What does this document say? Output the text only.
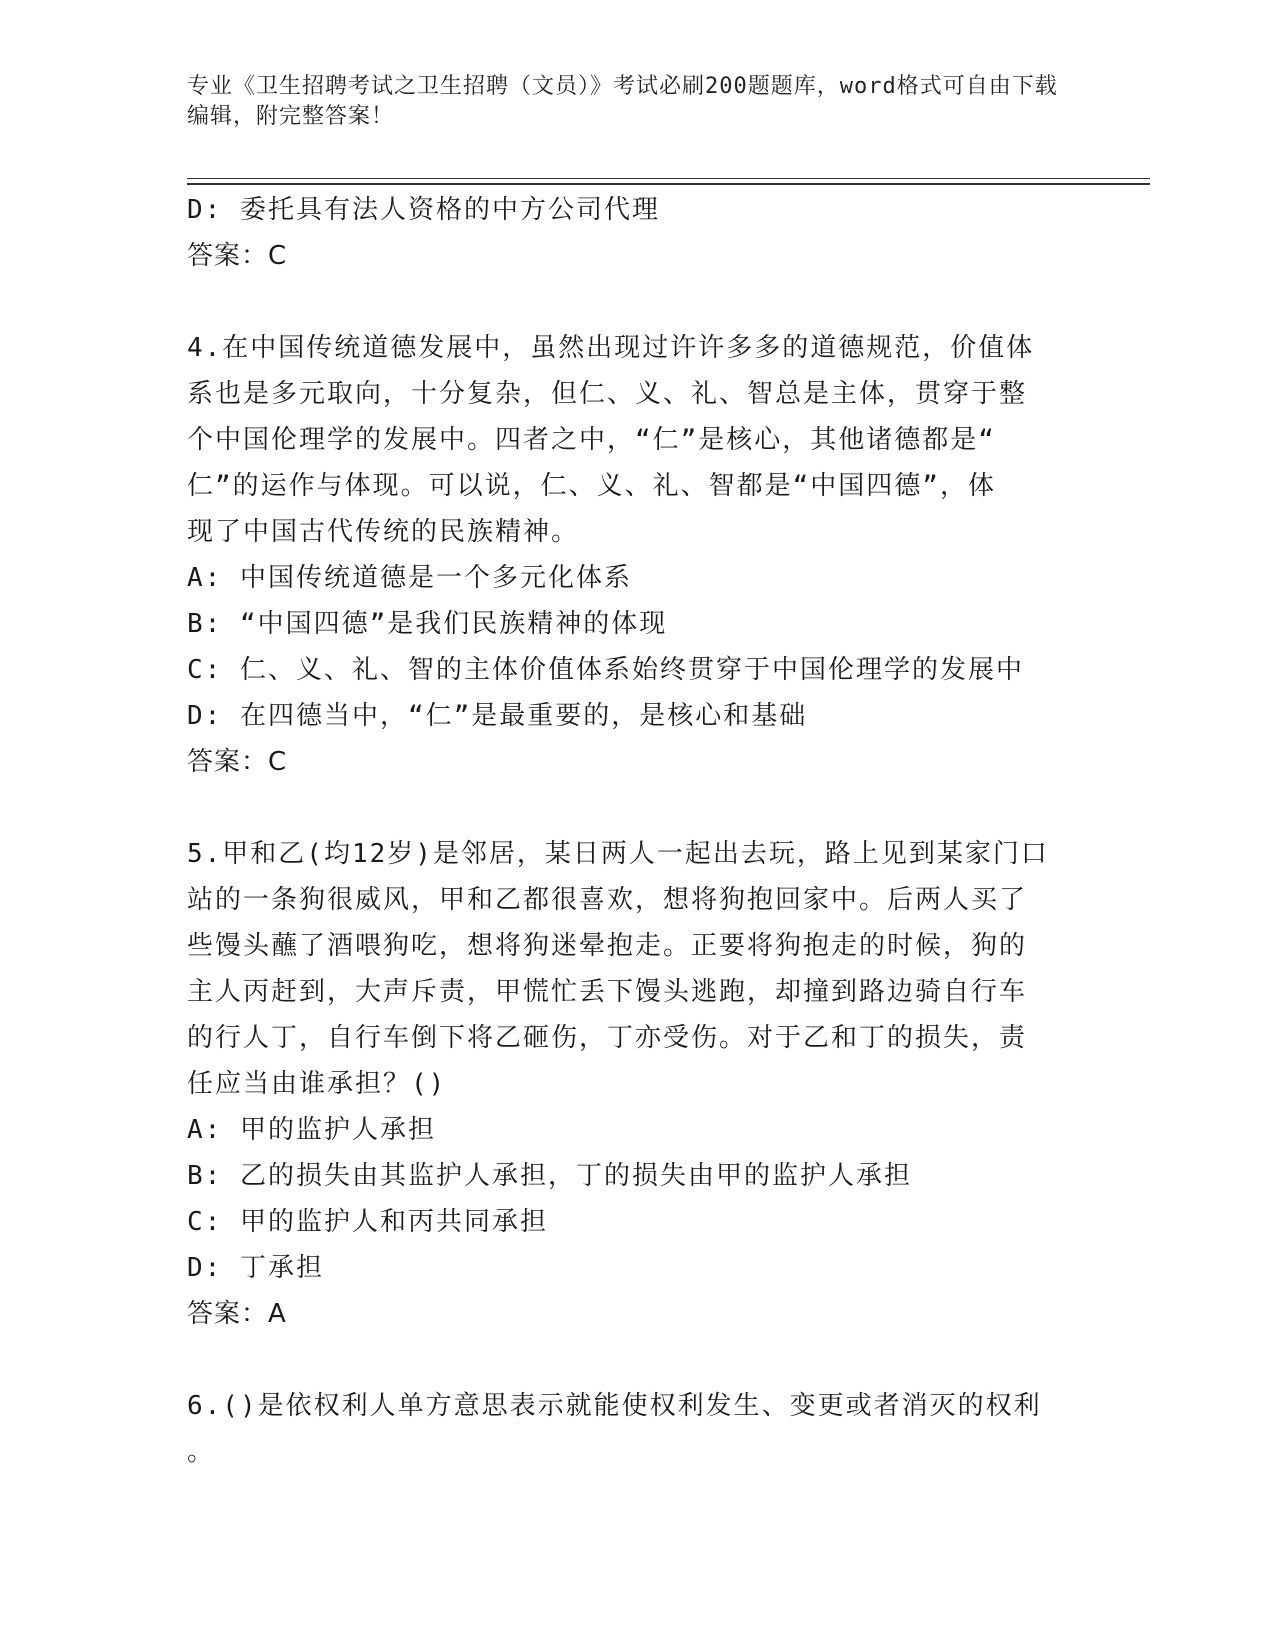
专业《卫生招聘考试之卫生招聘（文员）》考试必刷200题题库，word格式可自由下载编辑，附完整答案！
D: 委托具有法人资格的中方公司代理
答案：C
4.在中国传统道德发展中，虽然出现过许许多多的道德规范，价值体
系也是多元取向，十分复杂，但仁、义、礼、智总是主体，贯穿于整
个中国伦理学的发展中。四者之中，“仁”是核心，其他诸德都是“
仁”的运作与体现。可以说，仁、义、礼、智都是“中国四德”，体
现了中国古代传统的民族精神。
A: 中国传统道德是一个多元化体系
B: “中国四德”是我们民族精神的体现
C: 仁、义、礼、智的主体价值体系始终贯穿于中国伦理学的发展中
D: 在四德当中，“仁”是最重要的，是核心和基础
答案：C
5.甲和乙(均12岁)是邻居，某日两人一起出去玩，路上见到某家门口
站的一条狗很威风，甲和乙都很喜欢，想将狗抱回家中。后两人买了
些馒头蘸了酒喂狗吃，想将狗迷晕抱走。正要将狗抱走的时候，狗的
主人丙赶到，大声斥责，甲慌忙丢下馒头逃跑，却撞到路边骑自行车
的行人丁，自行车倒下将乙砸伤，丁亦受伤。对于乙和丁的损失，责
任应当由谁承担？()
A: 甲的监护人承担
B: 乙的损失由其监护人承担，丁的损失由甲的监护人承担
C: 甲的监护人和丙共同承担
D: 丁承担
答案：A
6.()是依权利人单方意思表示就能使权利发生、变更或者消灭的权利
。
